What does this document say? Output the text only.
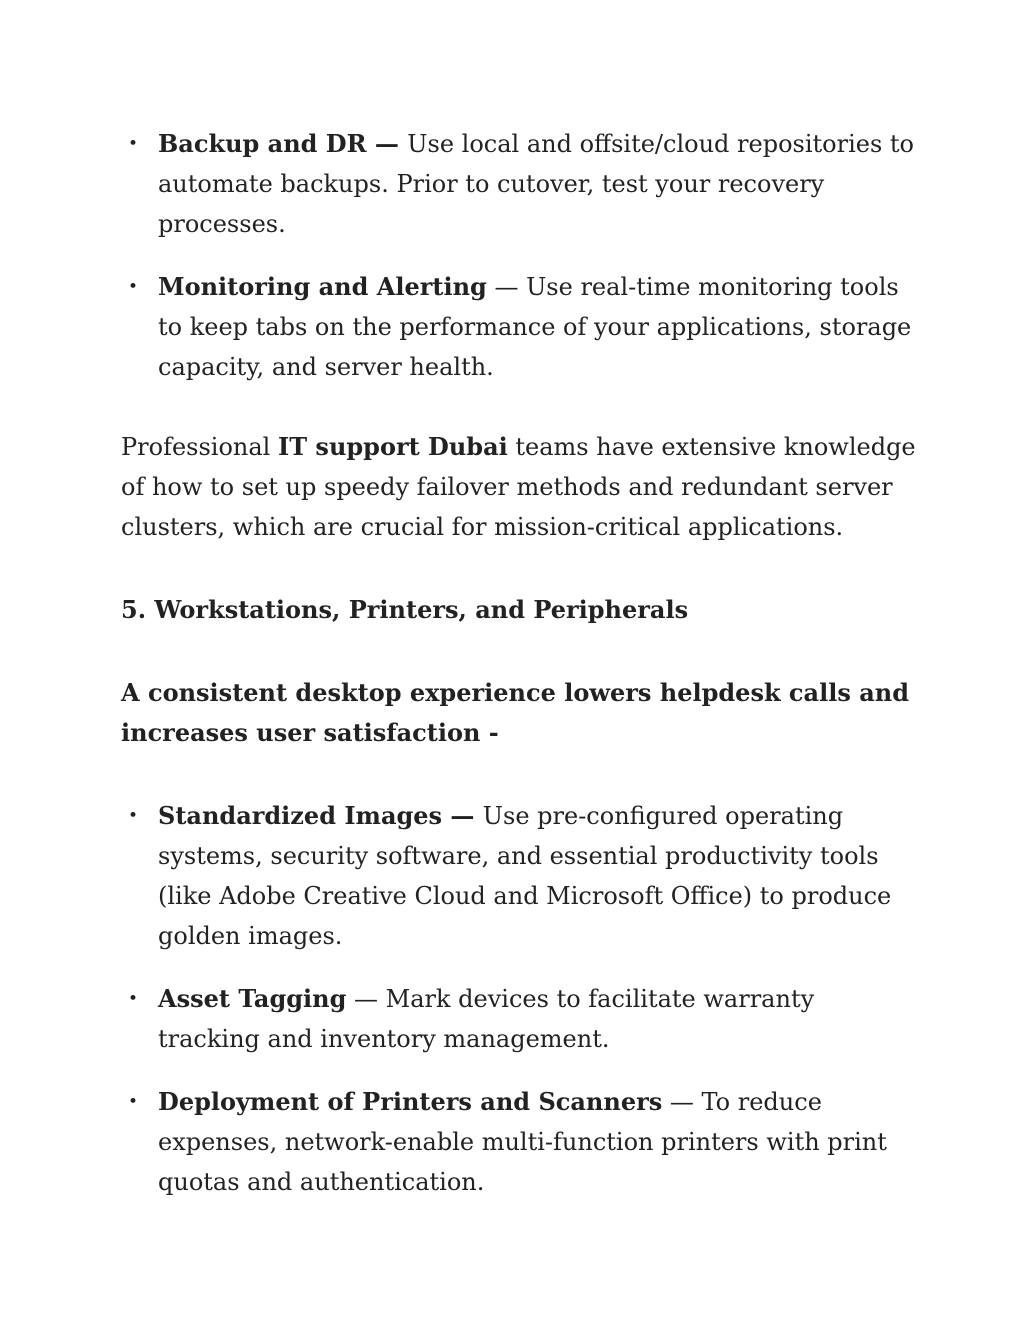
• Backup and DR — Use local and offsite/cloud repositories to automate backups. Prior to cutover, test your recovery processes.
• Monitoring and Alerting — Use real-time monitoring tools to keep tabs on the performance of your applications, storage capacity, and server health.

Professional IT support Dubai teams have extensive knowledge of how to set up speedy failover methods and redundant server clusters, which are crucial for mission-critical applications.

5. Workstations, Printers, and Peripherals

A consistent desktop experience lowers helpdesk calls and increases user satisfaction -

• Standardized Images — Use pre-configured operating systems, security software, and essential productivity tools (like Adobe Creative Cloud and Microsoft Office) to produce golden images.
• Asset Tagging — Mark devices to facilitate warranty tracking and inventory management.
• Deployment of Printers and Scanners — To reduce expenses, network-enable multi-function printers with print quotas and authentication.
